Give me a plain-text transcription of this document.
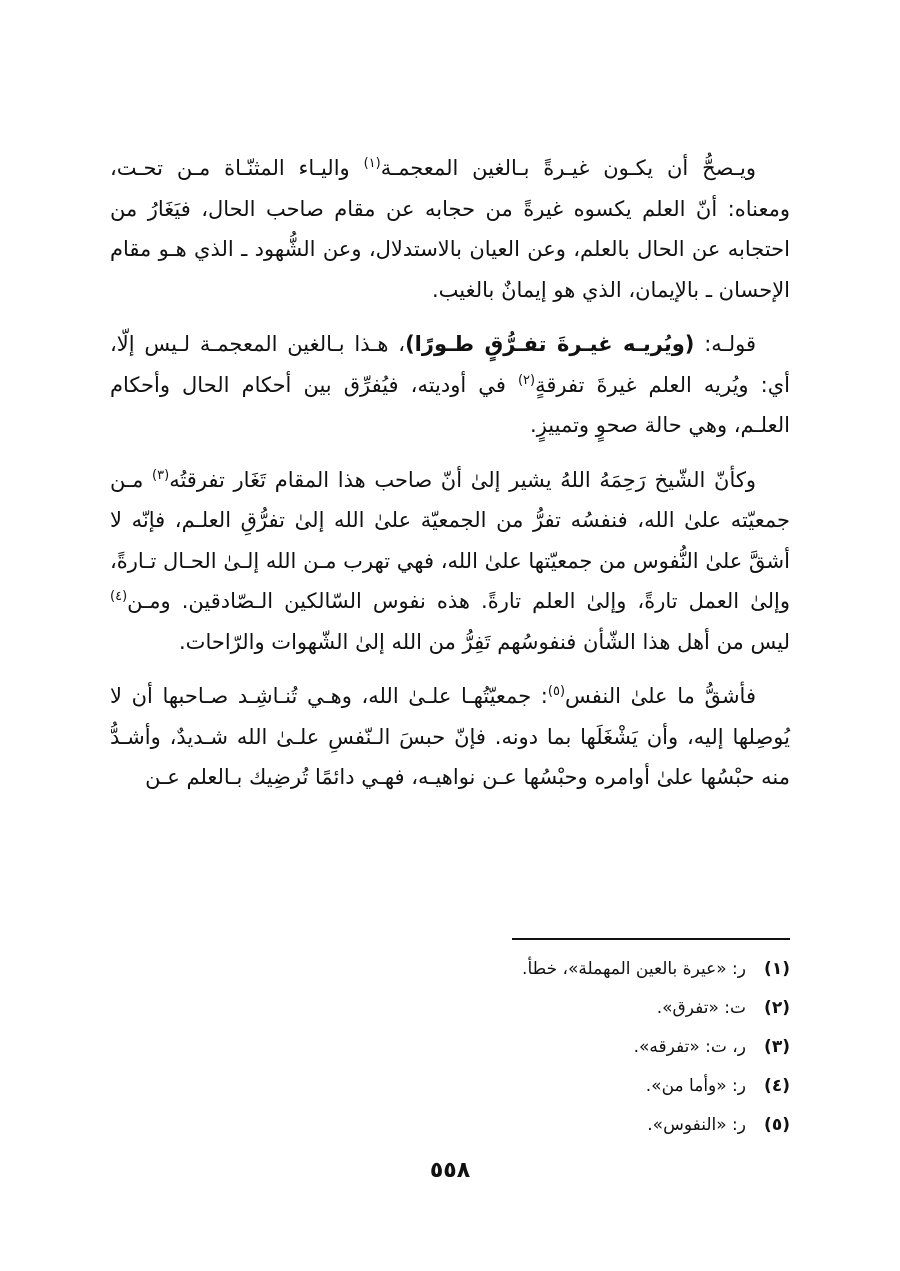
ويـصحُّ أن يكـون غيـرةً بـالغين المعجمـة$^{(١)}$ واليـاء المثنّـاة مـن تحـت، ومعناه: أنّ العلم يكسوه غيرةً من حجابه عن مقام صاحب الحال، فيَغَارُ من احتجابه عن الحال بالعلم، وعن العيان بالاستدلال، وعن الشُّهود ـ الذي هـو مقام الإحسان ـ بالإيمان، الذي هو إيمانٌ بالغيب.

قولـه: (ويُريـه غيـرةَ تفـرُّقٍ طـورًا)، هـذا بـالغين المعجمـة لـيس إلّا، أي: ويُريه العلم غيرةَ تفرقةٍ$^{(٢)}$ في أوديته، فيُفرِّق بين أحكام الحال وأحكام العلـم، وهي حالة صحوٍ وتمييزٍ.

وكأنّ الشّيخ رَحِمَهُ اللهُ يشير إلىٰ أنّ صاحب هذا المقام تَغَار تفرقتُه$^{(٣)}$ مـن جمعيّته علىٰ الله، فنفسُه تفرُّ من الجمعيّة علىٰ الله إلىٰ تفرُّقِ العلـم، فإنّه لا أشقَّ علىٰ النُّفوس من جمعيّتها علىٰ الله، فهي تهرب مـن الله إلـىٰ الحـال تـارةً، وإلىٰ العمل تارةً، وإلىٰ العلم تارةً. هذه نفوس السّالكين الـصّادقين. ومـن$^{(٤)}$ ليس من أهل هذا الشّأن فنفوسُهم تَفِرُّ من الله إلىٰ الشّهوات والرّاحات.

فأشقُّ ما علىٰ النفس$^{(٥)}$: جمعيّتُهـا علـىٰ الله، وهـي تُنـاشِـد صـاحبها أن لا يُوصِلها إليه، وأن يَشْغَلَها بما دونه. فإنّ حبسَ الـنّفسِ علـىٰ الله شـديدٌ، وأشـدُّ منه حبْسُها علىٰ أوامره وحبْسُها عـن نواهيـه، فهـي دائمًا تُرضِيك بـالعلم عـن

(١)ر: «عيرة بالعين المهملة»، خطأ.
(٢)ت: «تفرق».
(٣)ر، ت: «تفرقه».
(٤)ر: «وأما من».
(٥)ر: «النفوس».
٥٥٨
